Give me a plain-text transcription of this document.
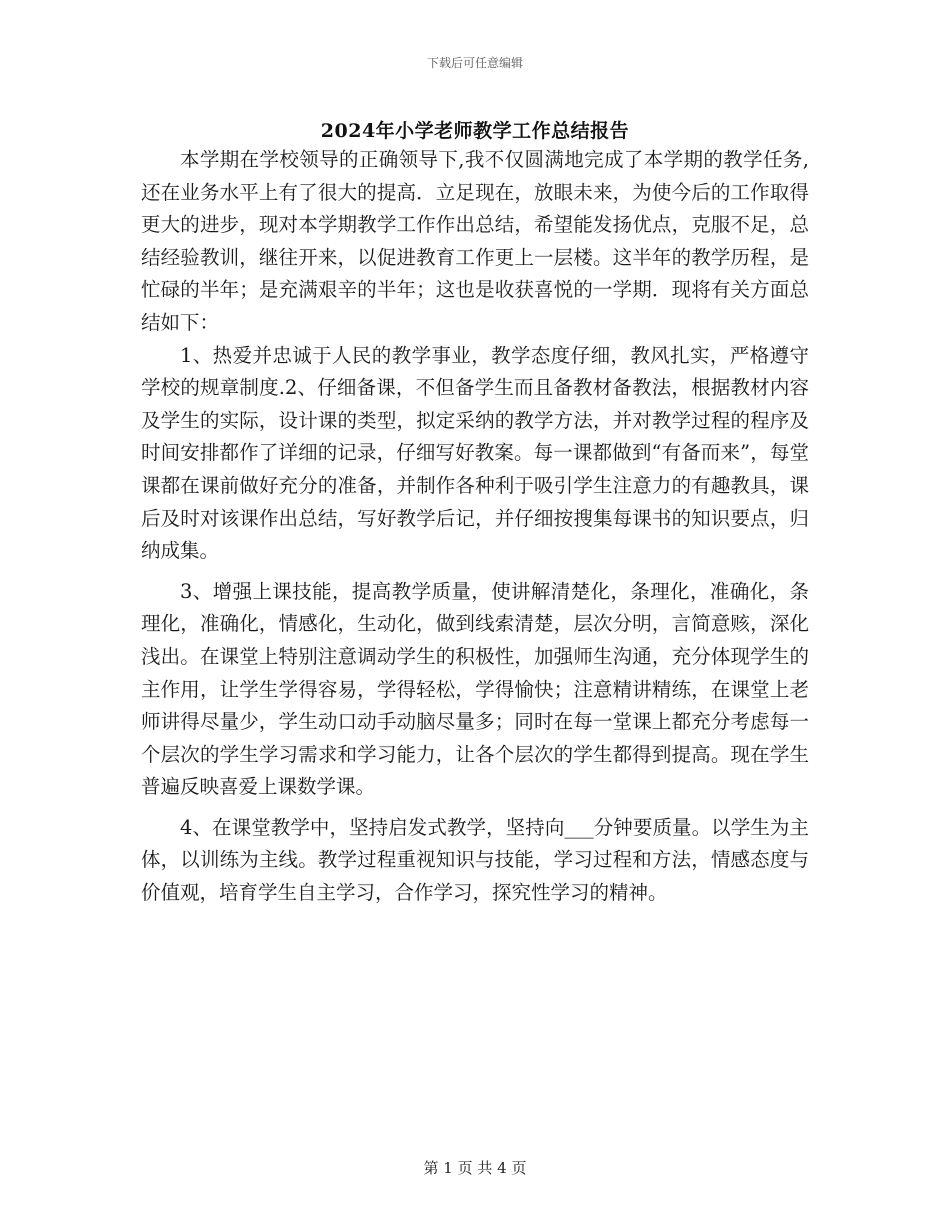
下载后可任意编辑
2024年小学老师教学工作总结报告

本学期在学校领导的正确领导下,我不仅圆满地完成了本学期的教学任务,还在业务水平上有了很大的提高．立足现在，放眼未来，为使今后的工作取得更大的进步，现对本学期教学工作作出总结，希望能发扬优点，克服不足，总结经验教训，继往开来，以促进教育工作更上一层楼。这半年的教学历程，是忙碌的半年；是充满艰辛的半年；这也是收获喜悦的一学期．现将有关方面总结如下：

1、热爱并忠诚于人民的教学事业，教学态度仔细，教风扎实，严格遵守学校的规章制度.2、仔细备课，不但备学生而且备教材备教法，根据教材内容及学生的实际，设计课的类型，拟定采纳的教学方法，并对教学过程的程序及时间安排都作了详细的记录，仔细写好教案。每一课都做到“有备而来”，每堂课都在课前做好充分的准备，并制作各种利于吸引学生注意力的有趣教具，课后及时对该课作出总结，写好教学后记，并仔细按搜集每课书的知识要点，归纳成集。

3、增强上课技能，提高教学质量，使讲解清楚化，条理化，准确化，条理化，准确化，情感化，生动化，做到线索清楚，层次分明，言简意赅，深化浅出。在课堂上特别注意调动学生的积极性，加强师生沟通，充分体现学生的主作用，让学生学得容易，学得轻松，学得愉快；注意精讲精练，在课堂上老师讲得尽量少，学生动口动手动脑尽量多；同时在每一堂课上都充分考虑每一个层次的学生学习需求和学习能力，让各个层次的学生都得到提高。现在学生普遍反映喜爱上课数学课。

4、在课堂教学中，坚持启发式教学，坚持向___分钟要质量。以学生为主体，以训练为主线。教学过程重视知识与技能，学习过程和方法，情感态度与价值观，培育学生自主学习，合作学习，探究性学习的精神。

第 1 页 共 4 页
